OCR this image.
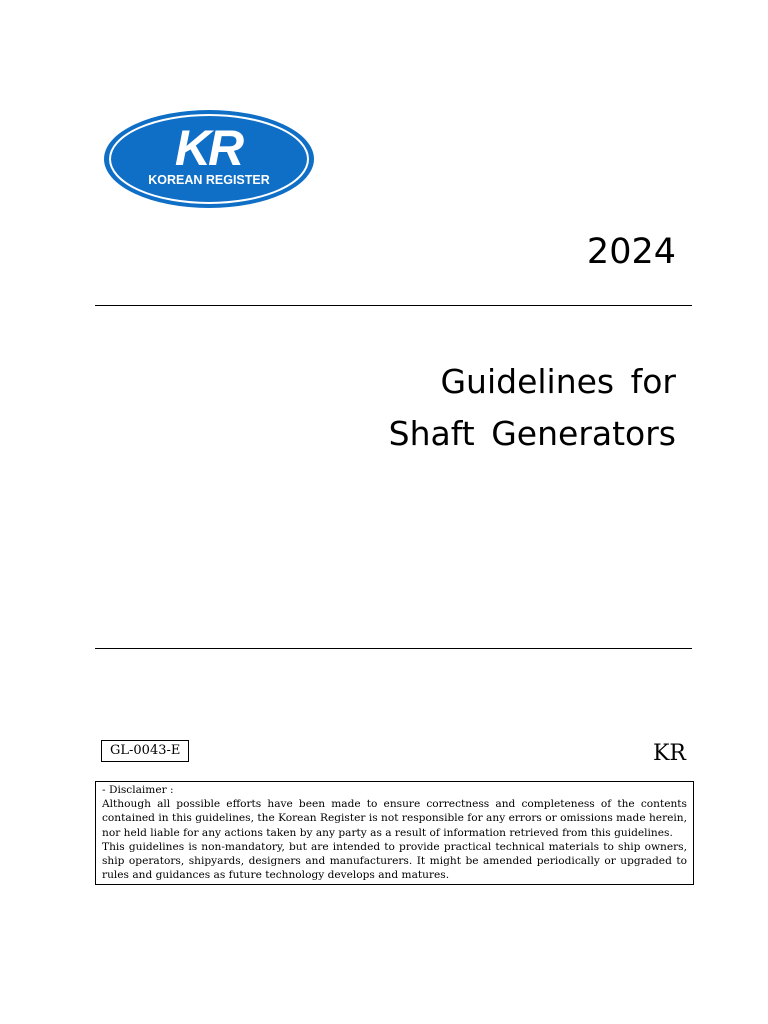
KR
KOREAN REGISTER
2024
Guidelines for
Shaft Generators
GL-0043-E	KR

- Disclaimer :

Although all possible efforts have been made to ensure correctness and completeness of the contents contained in this guidelines, the Korean Register is not responsible for any errors or omissions made herein, nor held liable for any actions taken by any party as a result of information retrieved from this guidelines.

This guidelines is non-mandatory, but are intended to provide practical technical materials to ship owners, ship operators, shipyards, designers and manufacturers. It might be amended periodically or upgraded to rules and guidances as future technology develops and matures.
